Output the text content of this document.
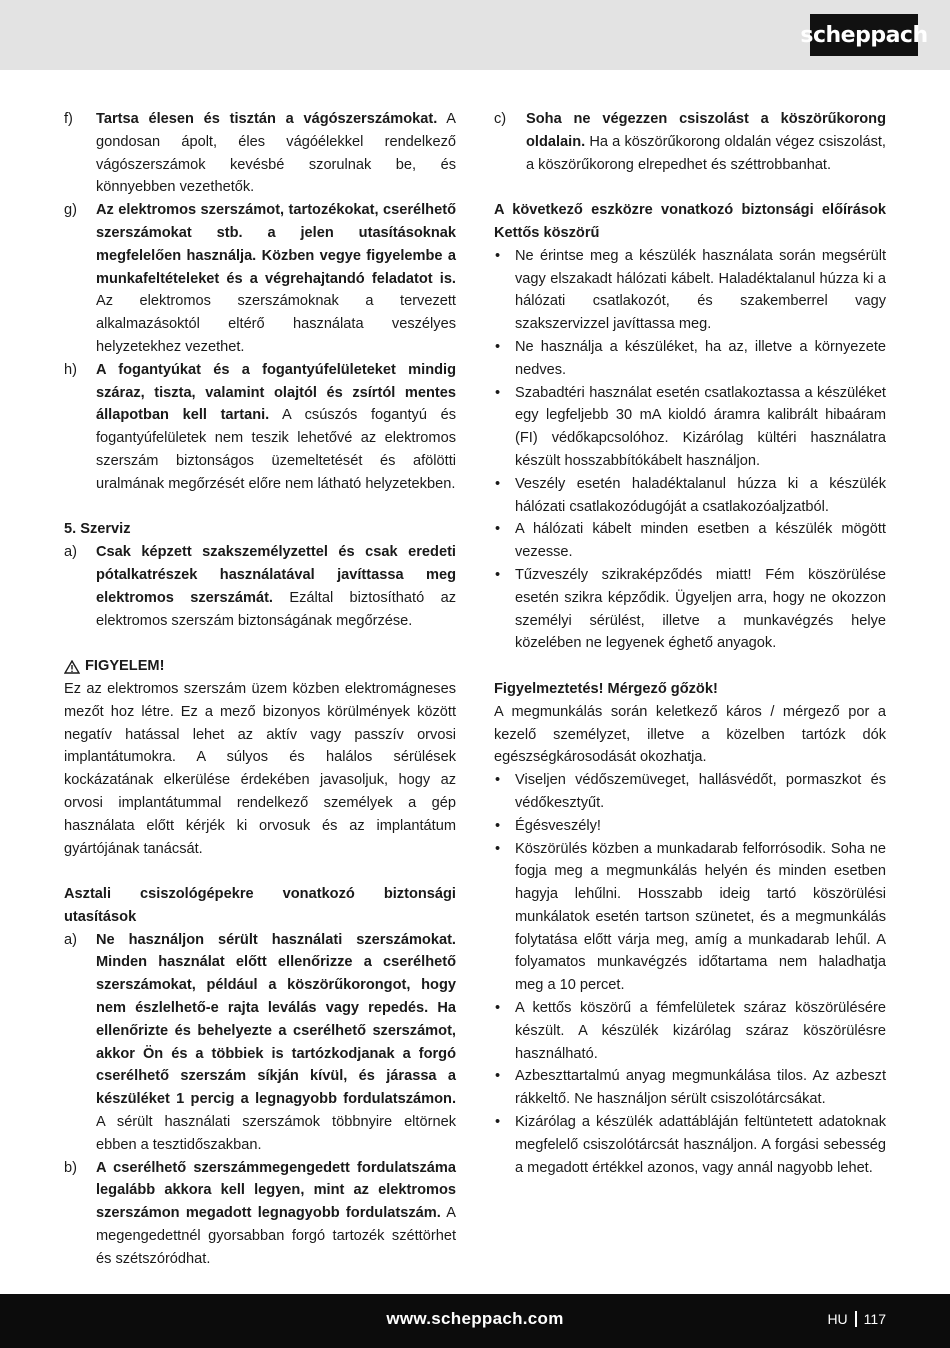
scheppach
f)	Tartsa élesen és tisztán a vágószerszámokat. A gondosan ápolt, éles vágóélekkel rendelkező vágószerszámok kevésbé szorulnak be, és könnyebben vezethetők.
g)	Az elektromos szerszámot, tartozékokat, cserélhető szerszámokat stb. a jelen utasításoknak megfelelően használja. Közben vegye figyelembe a munkafeltételeket és a végrehajtandó feladatot is. Az elektromos szerszámoknak a tervezett alkalmazásoktól eltérő használata veszélyes helyzetekhez vezethet.
h)	A fogantyúkat és a fogantyúfelületeket mindig száraz, tiszta, valamint olajtól és zsírtól mentes állapotban kell tartani. A csúszós fogantyú és fogantyúfelületek nem teszik lehetővé az elektromos szerszám biztonságos üzemeltetését és afölötti uralmának megőrzését előre nem látható helyzetekben.

5. Szerviz

a)	Csak képzett szakszemélyzettel és csak eredeti pótalkatrészek használatával javíttassa meg elektromos szerszámát. Ezáltal biztosítható az elektromos szerszám biztonságának megőrzése.
FIGYELEM!

Ez az elektromos szerszám üzem közben elektromágneses mezőt hoz létre. Ez a mező bizonyos körülmények között negatív hatással lehet az aktív vagy passzív orvosi implantátumokra. A súlyos és halálos sérülések kockázatának elkerülése érdekében javasoljuk, hogy az orvosi implantátummal rendelkező személyek a gép használata előtt kérjék ki orvosuk és az implantátum gyártójának tanácsát.

Asztali csiszológépekre vonatkozó biztonsági utasítások

a)	Ne használjon sérült használati szerszámokat. Minden használat előtt ellenőrizze a cserélhető szerszámokat, például a köszörűkorongot, hogy nem észlelhető-e rajta leválás vagy repedés. Ha ellenőrizte és behelyezte a cserélhető szerszámot, akkor Ön és a többiek is tartózkodjanak a forgó cserélhető szerszám síkján kívül, és járassa a készüléket 1 percig a legnagyobb fordulatszámon. A sérült használati szerszámok többnyire eltörnek ebben a tesztidőszakban.
b)	A cserélhető szerszámmegengedett fordulatszáma legalább akkora kell legyen, mint az elektromos szerszámon megadott legnagyobb fordulatszám. A megengedettnél gyorsabban forgó tartozék széttörhet és szétszóródhat.
c)	Soha ne végezzen csiszolást a köszörűkorong oldalain. Ha a köszörűkorong oldalán végez csiszolást, a köszörűkorong elrepedhet és széttrobbanhat.

A következő eszközre vonatkozó biztonsági előírások Kettős köszörű

•	Ne érintse meg a készülék használata során megsérült vagy elszakadt hálózati kábelt. Haladéktalanul húzza ki a hálózati csatlakozót, és szakemberrel vagy szakszervizzel javíttassa meg.
•	Ne használja a készüléket, ha az, illetve a környezete nedves.
•	Szabadtéri használat esetén csatlakoztassa a készüléket egy legfeljebb 30 mA kioldó áramra kalibrált hibaáram (FI) védőkapcsolóhoz. Kizárólag kültéri használatra készült hosszabbítókábelt használjon.
•	Veszély esetén haladéktalanul húzza ki a készülék hálózati csatlakozódugóját a csatlakozóaljzatból.
•	A hálózati kábelt minden esetben a készülék mögött vezesse.
•	Tűzveszély szikraképződés miatt! Fém köszörülése esetén szikra képződik. Ügyeljen arra, hogy ne okozzon személyi sérülést, illetve a munkavégzés helye közelében ne legyenek éghető anyagok.

Figyelmeztetés! Mérgező gőzök!

A megmunkálás során keletkező káros / mérgező por a kezelő személyzet, illetve a közelben tartózk dók egészségkárosodását okozhatja.

•	Viseljen védőszemüveget, hallásvédőt, pormaszkot és védőkesztyűt.
•	Égésveszély!
•	Köszörülés közben a munkadarab felforrósodik. Soha ne fogja meg a megmunkálás helyén és minden esetben hagyja lehűlni. Hosszabb ideig tartó köszörülési munkálatok esetén tartson szünetet, és a megmunkálás folytatása előtt várja meg, amíg a munkadarab lehűl. A folyamatos munkavégzés időtartama nem haladhatja meg a 10 percet.
•	A kettős köszörű a fémfelületek száraz köszörülésére készült. A készülék kizárólag száraz köszörülésre használható.
•	Azbeszttartalmú anyag megmunkálása tilos. Az azbeszt rákkeltő. Ne használjon sérült csiszolótárcsákat.
•	Kizárólag a készülék adattábláján feltüntetett adatoknak megfelelő csiszolótárcsát használjon. A forgási sebesség a megadott értékkel azonos, vagy annál nagyobb lehet.
www.scheppach.com	HU 117
